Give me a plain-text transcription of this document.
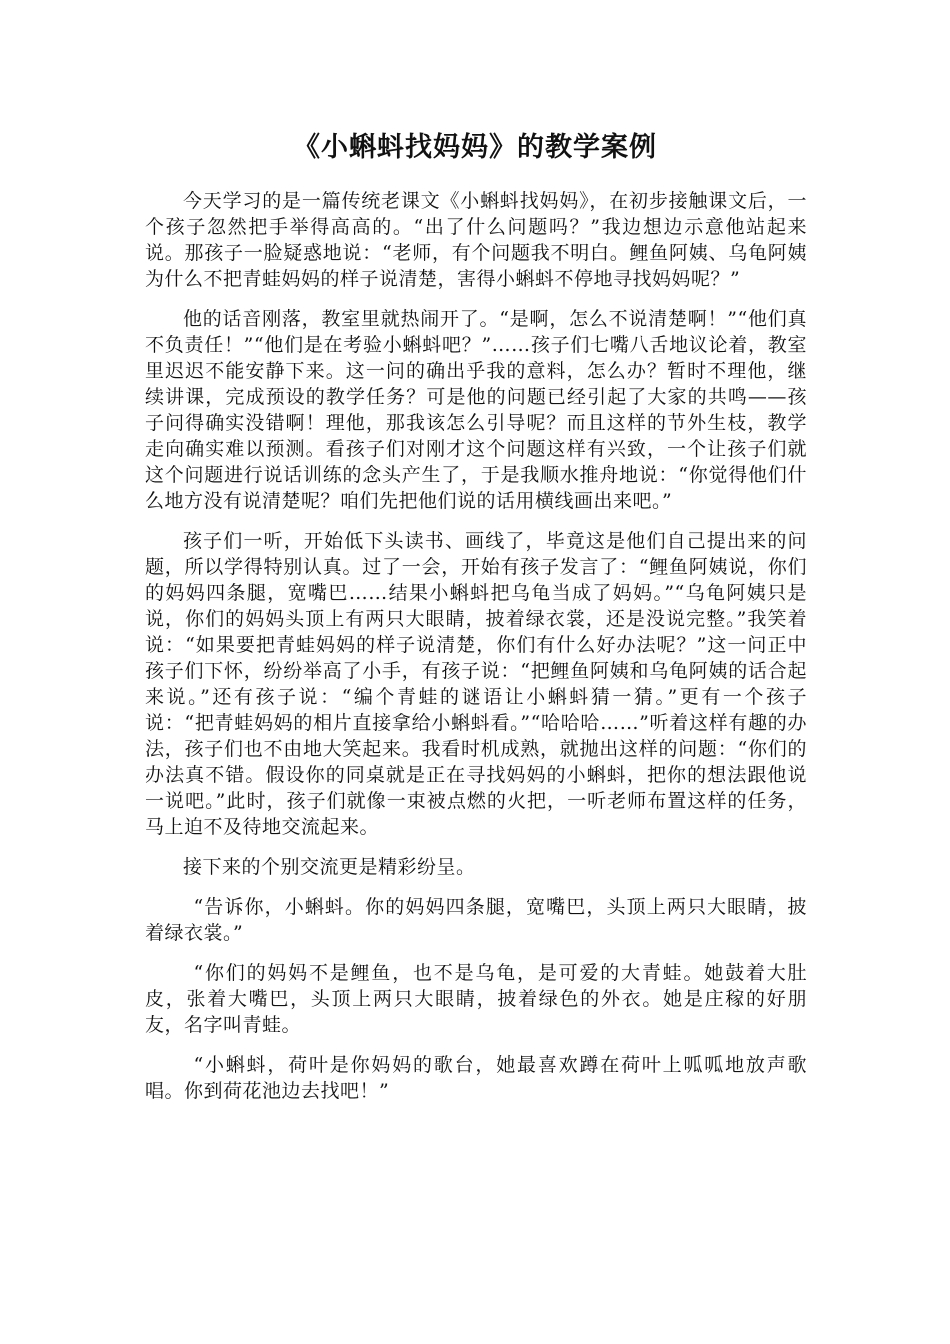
《小蝌蚪找妈妈》的教学案例

今天学习的是一篇传统老课文《小蝌蚪找妈妈》，在初步接触课文后，一个孩子忽然把手举得高高的。“出了什么问题吗？”我边想边示意他站起来说。那孩子一脸疑惑地说：“老师，有个问题我不明白。鲤鱼阿姨、乌龟阿姨为什么不把青蛙妈妈的样子说清楚，害得小蝌蚪不停地寻找妈妈呢？”

他的话音刚落，教室里就热闹开了。“是啊，怎么不说清楚啊！”“他们真不负责任！”“他们是在考验小蝌蚪吧？”……孩子们七嘴八舌地议论着，教室里迟迟不能安静下来。这一问的确出乎我的意料，怎么办？暂时不理他，继续讲课，完成预设的教学任务？可是他的问题已经引起了大家的共鸣——孩子问得确实没错啊！理他，那我该怎么引导呢？而且这样的节外生枝，教学走向确实难以预测。看孩子们对刚才这个问题这样有兴致，一个让孩子们就这个问题进行说话训练的念头产生了，于是我顺水推舟地说：“你觉得他们什么地方没有说清楚呢？咱们先把他们说的话用横线画出来吧。”

孩子们一听，开始低下头读书、画线了，毕竟这是他们自己提出来的问题，所以学得特别认真。过了一会，开始有孩子发言了：“鲤鱼阿姨说，你们的妈妈四条腿，宽嘴巴……结果小蝌蚪把乌龟当成了妈妈。”“乌龟阿姨只是说，你们的妈妈头顶上有两只大眼睛，披着绿衣裳，还是没说完整。”我笑着说：“如果要把青蛙妈妈的样子说清楚，你们有什么好办法呢？”这一问正中孩子们下怀，纷纷举高了小手，有孩子说：“把鲤鱼阿姨和乌龟阿姨的话合起来说。”还有孩子说：“编个青蛙的谜语让小蝌蚪猜一猜。”更有一个孩子说：“把青蛙妈妈的相片直接拿给小蝌蚪看。”“哈哈哈……”听着这样有趣的办法，孩子们也不由地大笑起来。我看时机成熟，就抛出这样的问题：“你们的办法真不错。假设你的同桌就是正在寻找妈妈的小蝌蚪，把你的想法跟他说一说吧。”此时，孩子们就像一束被点燃的火把，一听老师布置这样的任务，马上迫不及待地交流起来。

接下来的个别交流更是精彩纷呈。

“告诉你，小蝌蚪。你的妈妈四条腿，宽嘴巴，头顶上两只大眼睛，披着绿衣裳。”

“你们的妈妈不是鲤鱼，也不是乌龟，是可爱的大青蛙。她鼓着大肚皮，张着大嘴巴，头顶上两只大眼睛，披着绿色的外衣。她是庄稼的好朋友，名字叫青蛙。

“小蝌蚪，荷叶是你妈妈的歌台，她最喜欢蹲在荷叶上呱呱地放声歌唱。你到荷花池边去找吧！”
